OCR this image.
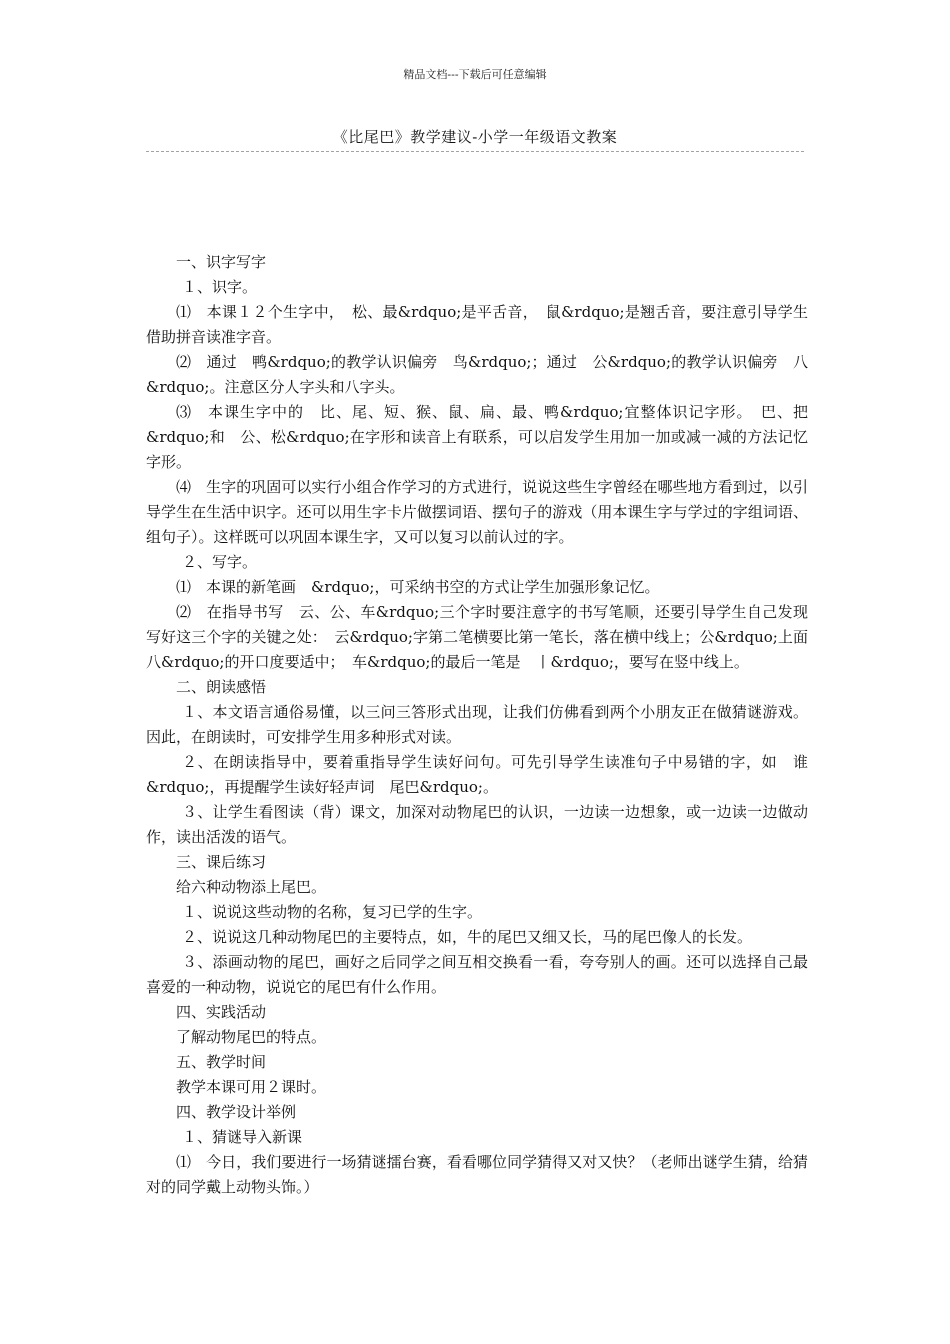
精品文档---下载后可任意编辑
《比尾巴》教学建议-小学一年级语文教案

一、识字写字

１、识字。

⑴　本课１２个生字中，　松、最&rdquo;是平舌音，　鼠&rdquo;是翘舌音，要注意引导学生借助拼音读准字音。

⑵　通过　鸭&rdquo;的教学认识偏旁　鸟&rdquo;；通过　公&rdquo;的教学认识偏旁　八&rdquo;。注意区分人字头和八字头。

⑶　本课生字中的　比、尾、短、猴、鼠、扁、最、鸭&rdquo;宜整体识记字形。　巴、把&rdquo;和　公、松&rdquo;在字形和读音上有联系，可以启发学生用加一加或减一减的方法记忆字形。

⑷　生字的巩固可以实行小组合作学习的方式进行，说说这些生字曾经在哪些地方看到过，以引导学生在生活中识字。还可以用生字卡片做摆词语、摆句子的游戏（用本课生字与学过的字组词语、组句子）。这样既可以巩固本课生字，又可以复习以前认过的字。

２、写字。

⑴　本课的新笔画　&rdquo;，可采纳书空的方式让学生加强形象记忆。

⑵　在指导书写　云、公、车&rdquo;三个字时要注意字的书写笔顺，还要引导学生自己发现写好这三个字的关键之处：　云&rdquo;字第二笔横要比第一笔长，落在横中线上；公&rdquo;上面　八&rdquo;的开口度要适中；　车&rdquo;的最后一笔是　丨&rdquo;，要写在竖中线上。

二、朗读感悟

１、本文语言通俗易懂，以三问三答形式出现，让我们仿佛看到两个小朋友正在做猜谜游戏。因此，在朗读时，可安排学生用多种形式对读。

２、在朗读指导中，要着重指导学生读好问句。可先引导学生读准句子中易错的字，如　谁&rdquo;，再提醒学生读好轻声词　尾巴&rdquo;。

３、让学生看图读（背）课文，加深对动物尾巴的认识，一边读一边想象，或一边读一边做动作，读出活泼的语气。

三、课后练习

给六种动物添上尾巴。

１、说说这些动物的名称，复习已学的生字。

２、说说这几种动物尾巴的主要特点，如，牛的尾巴又细又长，马的尾巴像人的长发。

３、添画动物的尾巴，画好之后同学之间互相交换看一看，夸夸别人的画。还可以选择自己最喜爱的一种动物，说说它的尾巴有什么作用。

四、实践活动

了解动物尾巴的特点。

五、教学时间

教学本课可用２课时。

四、教学设计举例

１、猜谜导入新课

⑴　今日，我们要进行一场猜谜擂台赛，看看哪位同学猜得又对又快？（老师出谜学生猜，给猜对的同学戴上动物头饰。）
